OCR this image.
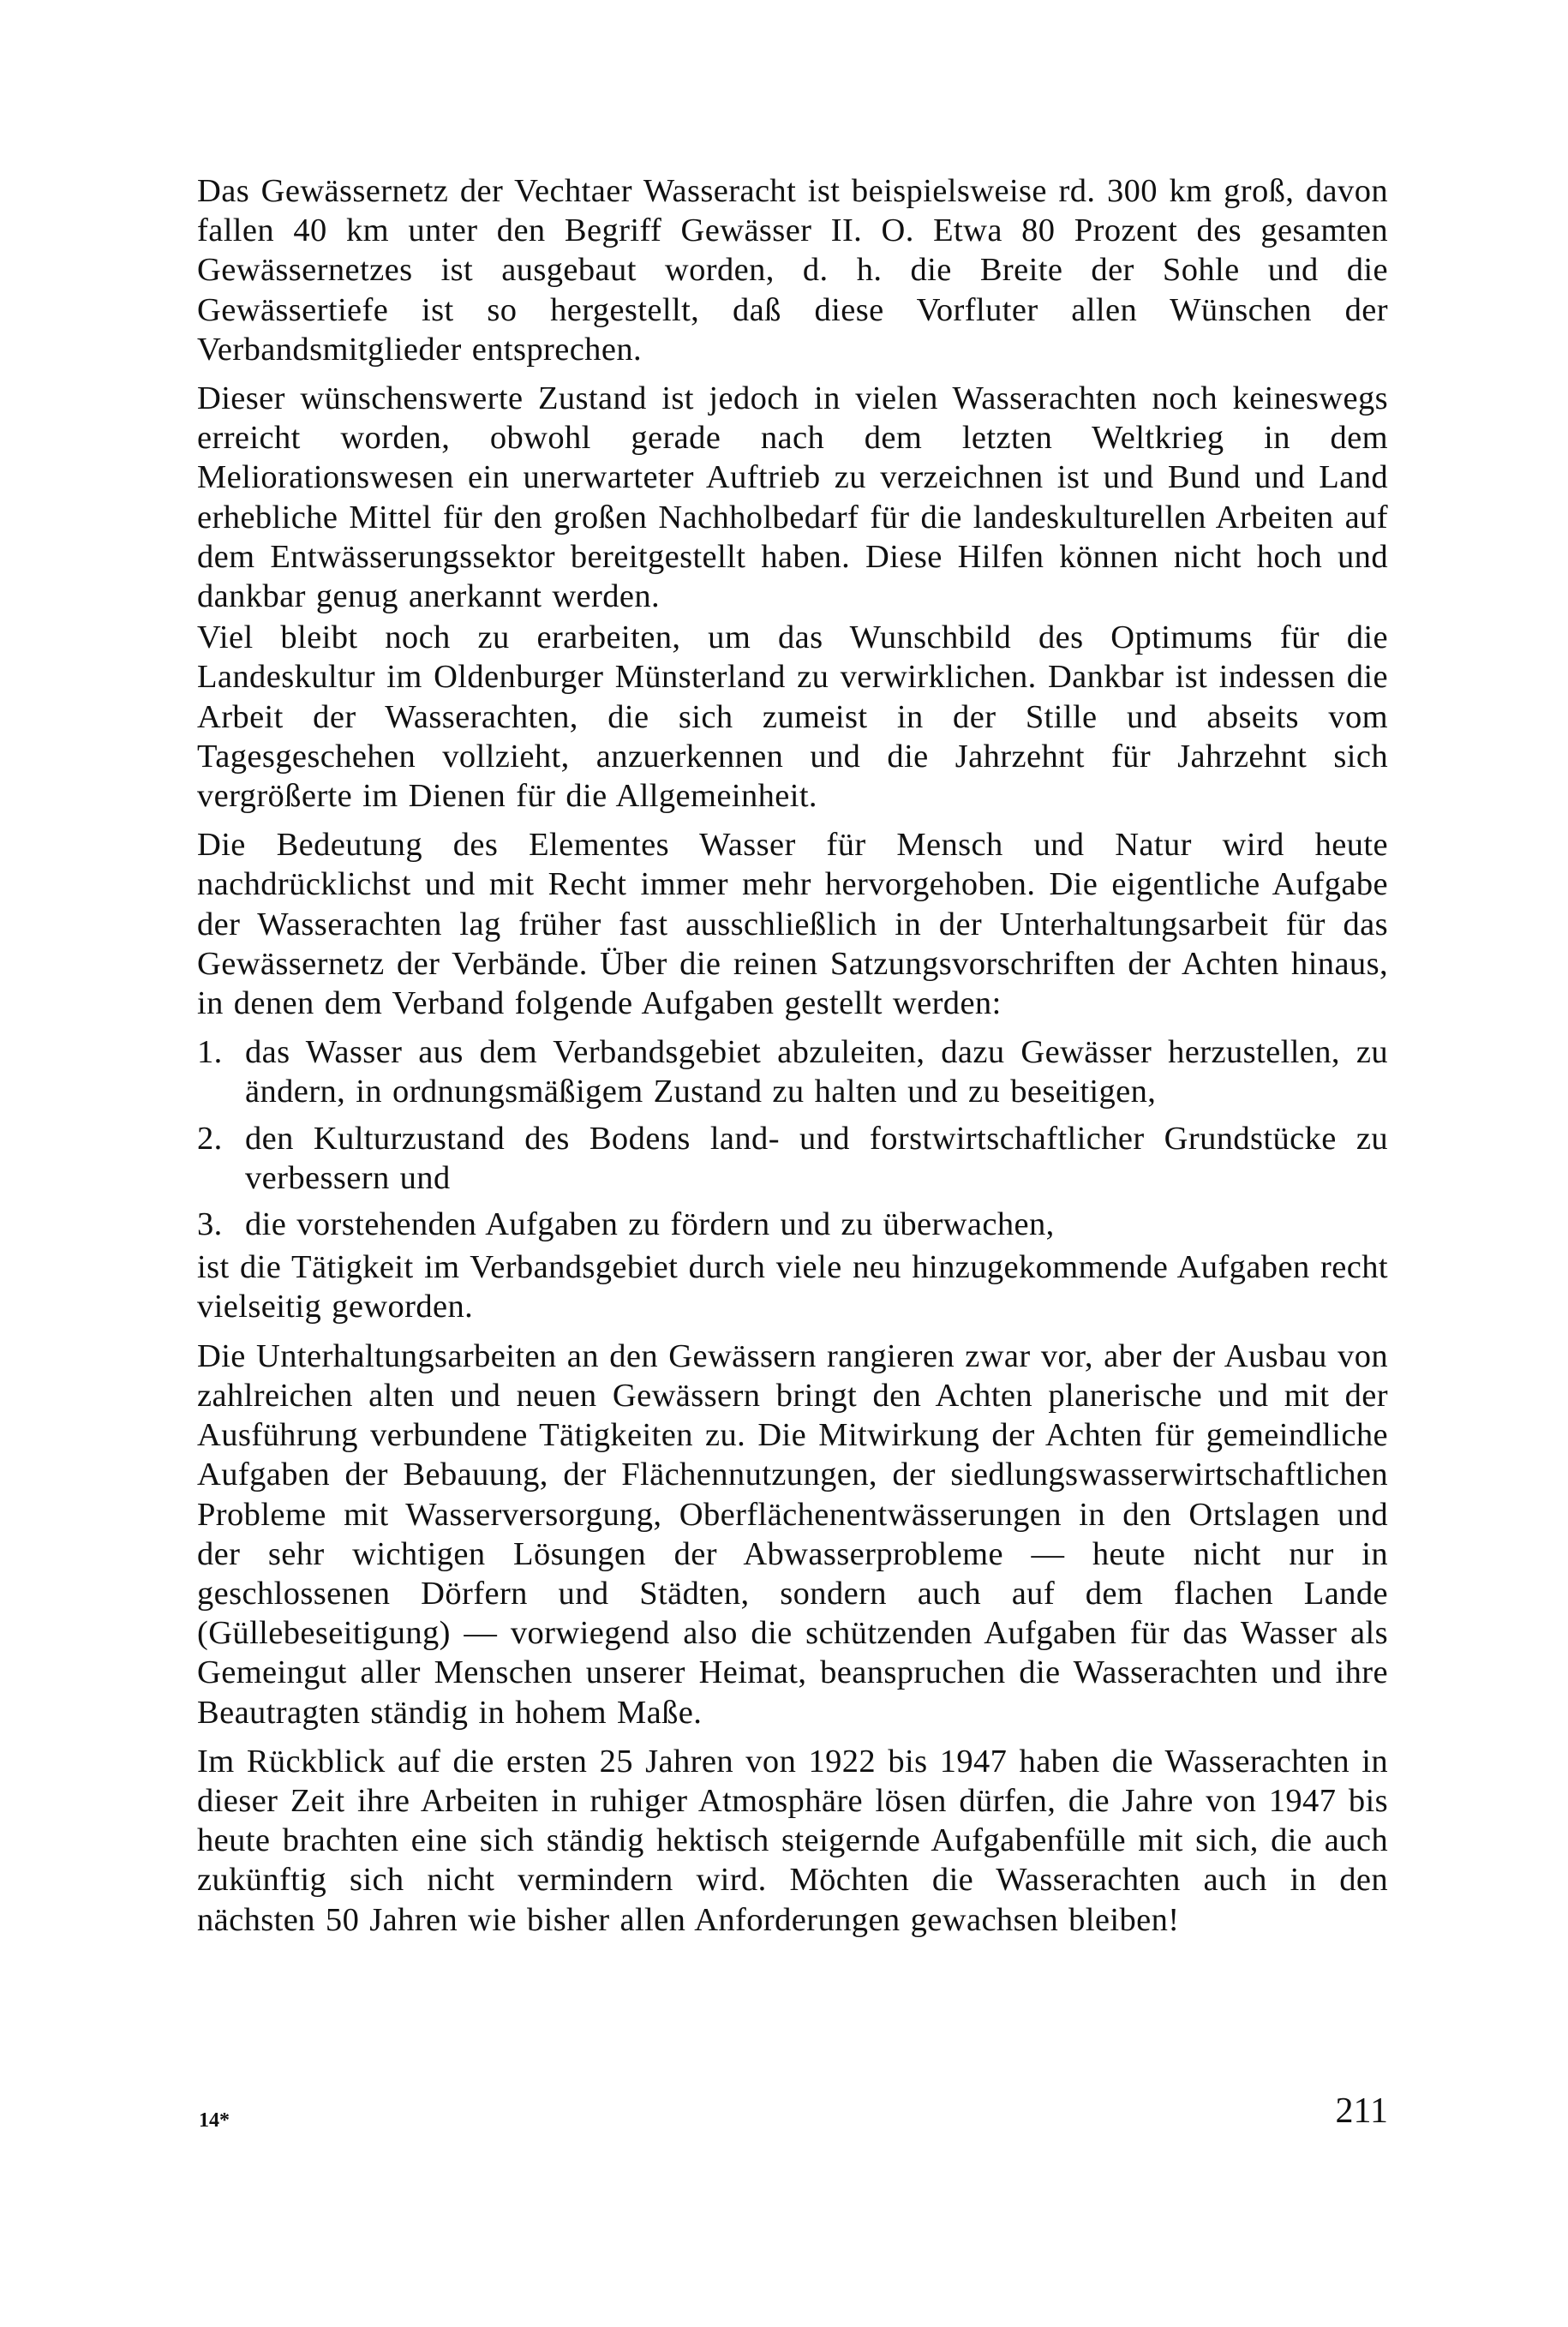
Das Gewässernetz der Vechtaer Wasseracht ist beispielsweise rd. 300 km groß, davon fallen 40 km unter den Begriff Gewässer II. O. Etwa 80 Prozent des gesamten Gewässernetzes ist ausgebaut worden, d. h. die Breite der Sohle und die Gewässertiefe ist so hergestellt, daß diese Vorfluter allen Wünschen der Verbandsmitglieder entsprechen.

Dieser wünschenswerte Zustand ist jedoch in vielen Wasserachten noch keineswegs erreicht worden, obwohl gerade nach dem letzten Weltkrieg in dem Meliorationswesen ein unerwarteter Auftrieb zu verzeichnen ist und Bund und Land erhebliche Mittel für den großen Nachholbedarf für die landeskulturellen Arbeiten auf dem Entwässerungssektor bereitgestellt haben. Diese Hilfen können nicht hoch und dankbar genug anerkannt werden.

Viel bleibt noch zu erarbeiten, um das Wunschbild des Optimums für die Landeskultur im Oldenburger Münsterland zu verwirklichen. Dankbar ist indessen die Arbeit der Wasserachten, die sich zumeist in der Stille und abseits vom Tagesgeschehen vollzieht, anzuerkennen und die Jahrzehnt für Jahrzehnt sich vergrößerte im Dienen für die Allgemeinheit.

Die Bedeutung des Elementes Wasser für Mensch und Natur wird heute nachdrücklichst und mit Recht immer mehr hervorgehoben. Die eigentliche Aufgabe der Wasserachten lag früher fast ausschließlich in der Unterhaltungsarbeit für das Gewässernetz der Verbände. Über die reinen Satzungsvorschriften der Achten hinaus, in denen dem Verband folgende Aufgaben gestellt werden:

1. das Wasser aus dem Verbandsgebiet abzuleiten, dazu Gewässer herzustellen, zu ändern, in ordnungsmäßigem Zustand zu halten und zu beseitigen,
2. den Kulturzustand des Bodens land- und forstwirtschaftlicher Grundstücke zu verbessern und
3. die vorstehenden Aufgaben zu fördern und zu überwachen,

ist die Tätigkeit im Verbandsgebiet durch viele neu hinzugekommende Aufgaben recht vielseitig geworden.

Die Unterhaltungsarbeiten an den Gewässern rangieren zwar vor, aber der Ausbau von zahlreichen alten und neuen Gewässern bringt den Achten planerische und mit der Ausführung verbundene Tätigkeiten zu. Die Mitwirkung der Achten für gemeindliche Aufgaben der Bebauung, der Flächennutzungen, der siedlungswasserwirtschaftlichen Probleme mit Wasserversorgung, Oberflächenentwässerungen in den Ortslagen und der sehr wichtigen Lösungen der Abwasserprobleme — heute nicht nur in geschlossenen Dörfern und Städten, sondern auch auf dem flachen Lande (Güllebeseitigung) — vorwiegend also die schützenden Aufgaben für das Wasser als Gemeingut aller Menschen unserer Heimat, beanspruchen die Wasserachten und ihre Beautragten ständig in hohem Maße.

Im Rückblick auf die ersten 25 Jahren von 1922 bis 1947 haben die Wasserachten in dieser Zeit ihre Arbeiten in ruhiger Atmosphäre lösen dürfen, die Jahre von 1947 bis heute brachten eine sich ständig hektisch steigernde Aufgabenfülle mit sich, die auch zukünftig sich nicht vermindern wird. Möchten die Wasserachten auch in den nächsten 50 Jahren wie bisher allen Anforderungen gewachsen bleiben!

14*	211
